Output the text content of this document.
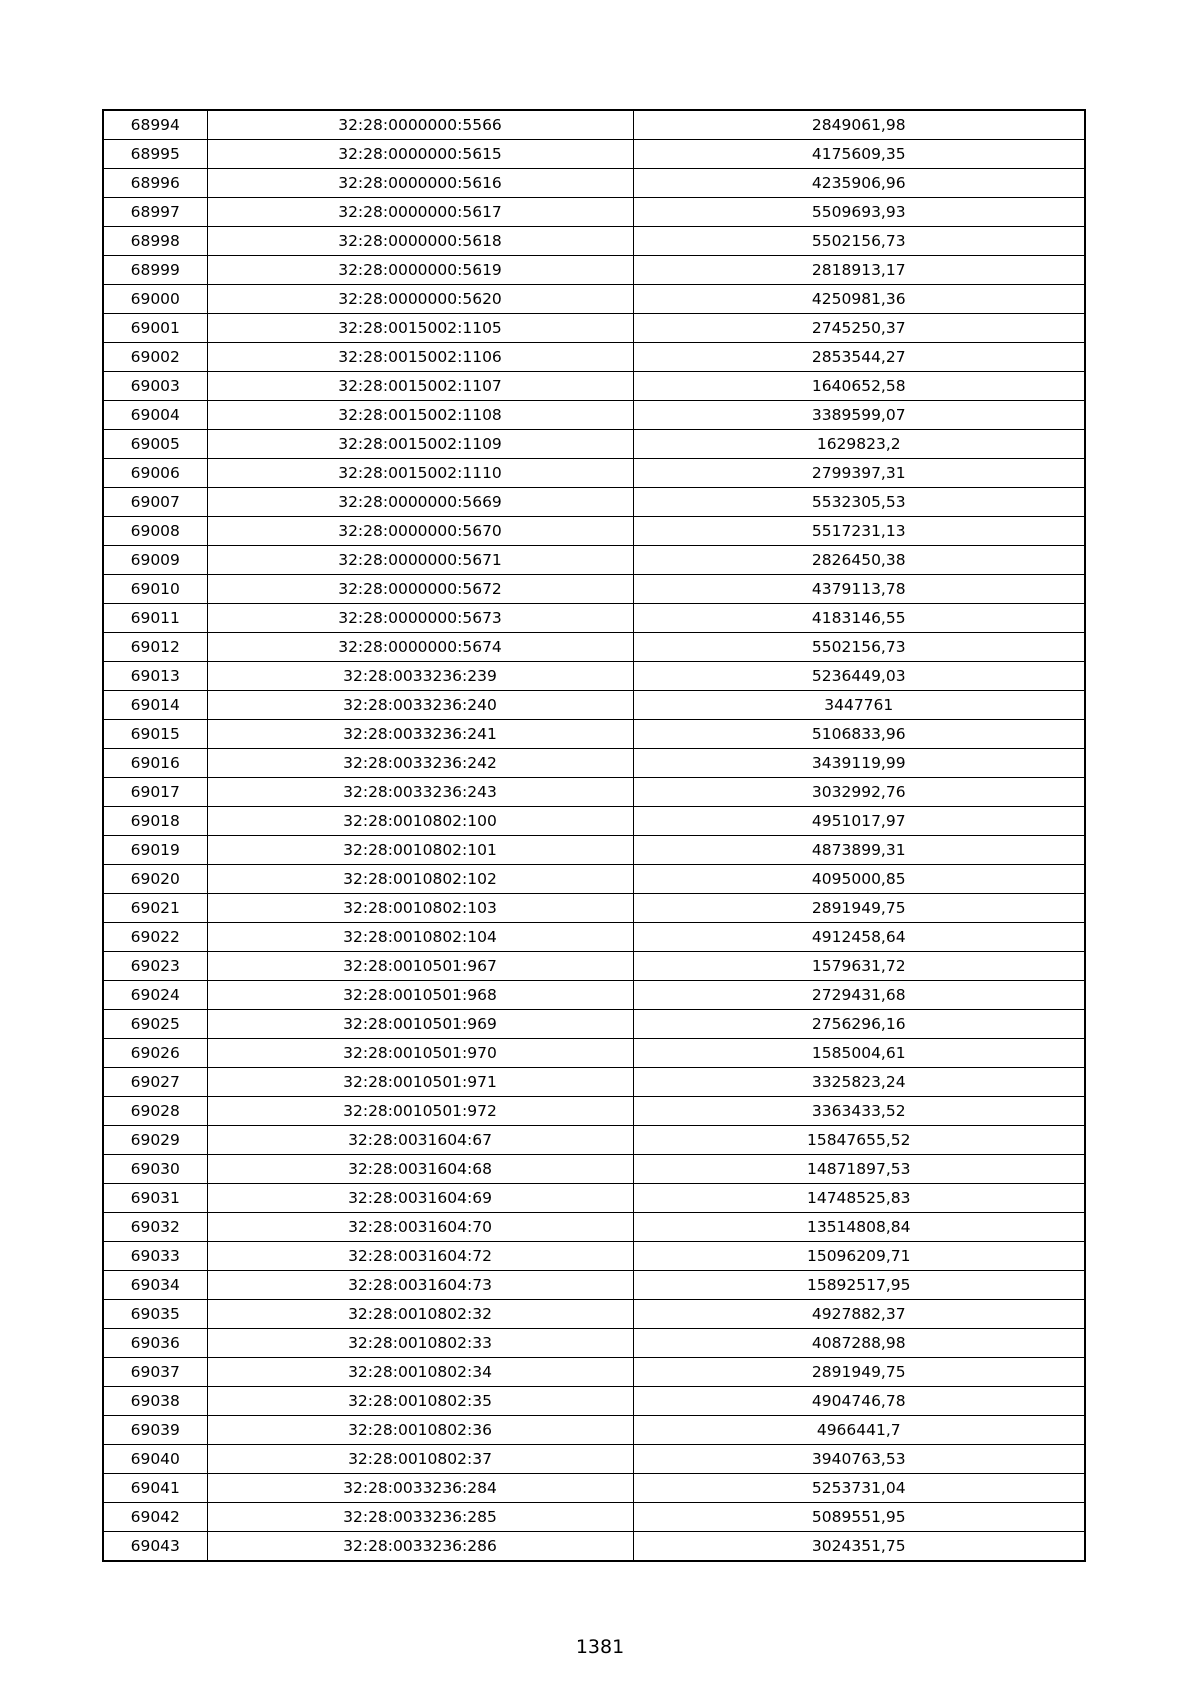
68994	32:28:0000000:5566	2849061,98
68995	32:28:0000000:5615	4175609,35
68996	32:28:0000000:5616	4235906,96
68997	32:28:0000000:5617	5509693,93
68998	32:28:0000000:5618	5502156,73
68999	32:28:0000000:5619	2818913,17
69000	32:28:0000000:5620	4250981,36
69001	32:28:0015002:1105	2745250,37
69002	32:28:0015002:1106	2853544,27
69003	32:28:0015002:1107	1640652,58
69004	32:28:0015002:1108	3389599,07
69005	32:28:0015002:1109	1629823,2
69006	32:28:0015002:1110	2799397,31
69007	32:28:0000000:5669	5532305,53
69008	32:28:0000000:5670	5517231,13
69009	32:28:0000000:5671	2826450,38
69010	32:28:0000000:5672	4379113,78
69011	32:28:0000000:5673	4183146,55
69012	32:28:0000000:5674	5502156,73
69013	32:28:0033236:239	5236449,03
69014	32:28:0033236:240	3447761
69015	32:28:0033236:241	5106833,96
69016	32:28:0033236:242	3439119,99
69017	32:28:0033236:243	3032992,76
69018	32:28:0010802:100	4951017,97
69019	32:28:0010802:101	4873899,31
69020	32:28:0010802:102	4095000,85
69021	32:28:0010802:103	2891949,75
69022	32:28:0010802:104	4912458,64
69023	32:28:0010501:967	1579631,72
69024	32:28:0010501:968	2729431,68
69025	32:28:0010501:969	2756296,16
69026	32:28:0010501:970	1585004,61
69027	32:28:0010501:971	3325823,24
69028	32:28:0010501:972	3363433,52
69029	32:28:0031604:67	15847655,52
69030	32:28:0031604:68	14871897,53
69031	32:28:0031604:69	14748525,83
69032	32:28:0031604:70	13514808,84
69033	32:28:0031604:72	15096209,71
69034	32:28:0031604:73	15892517,95
69035	32:28:0010802:32	4927882,37
69036	32:28:0010802:33	4087288,98
69037	32:28:0010802:34	2891949,75
69038	32:28:0010802:35	4904746,78
69039	32:28:0010802:36	4966441,7
69040	32:28:0010802:37	3940763,53
69041	32:28:0033236:284	5253731,04
69042	32:28:0033236:285	5089551,95
69043	32:28:0033236:286	3024351,75
1381
